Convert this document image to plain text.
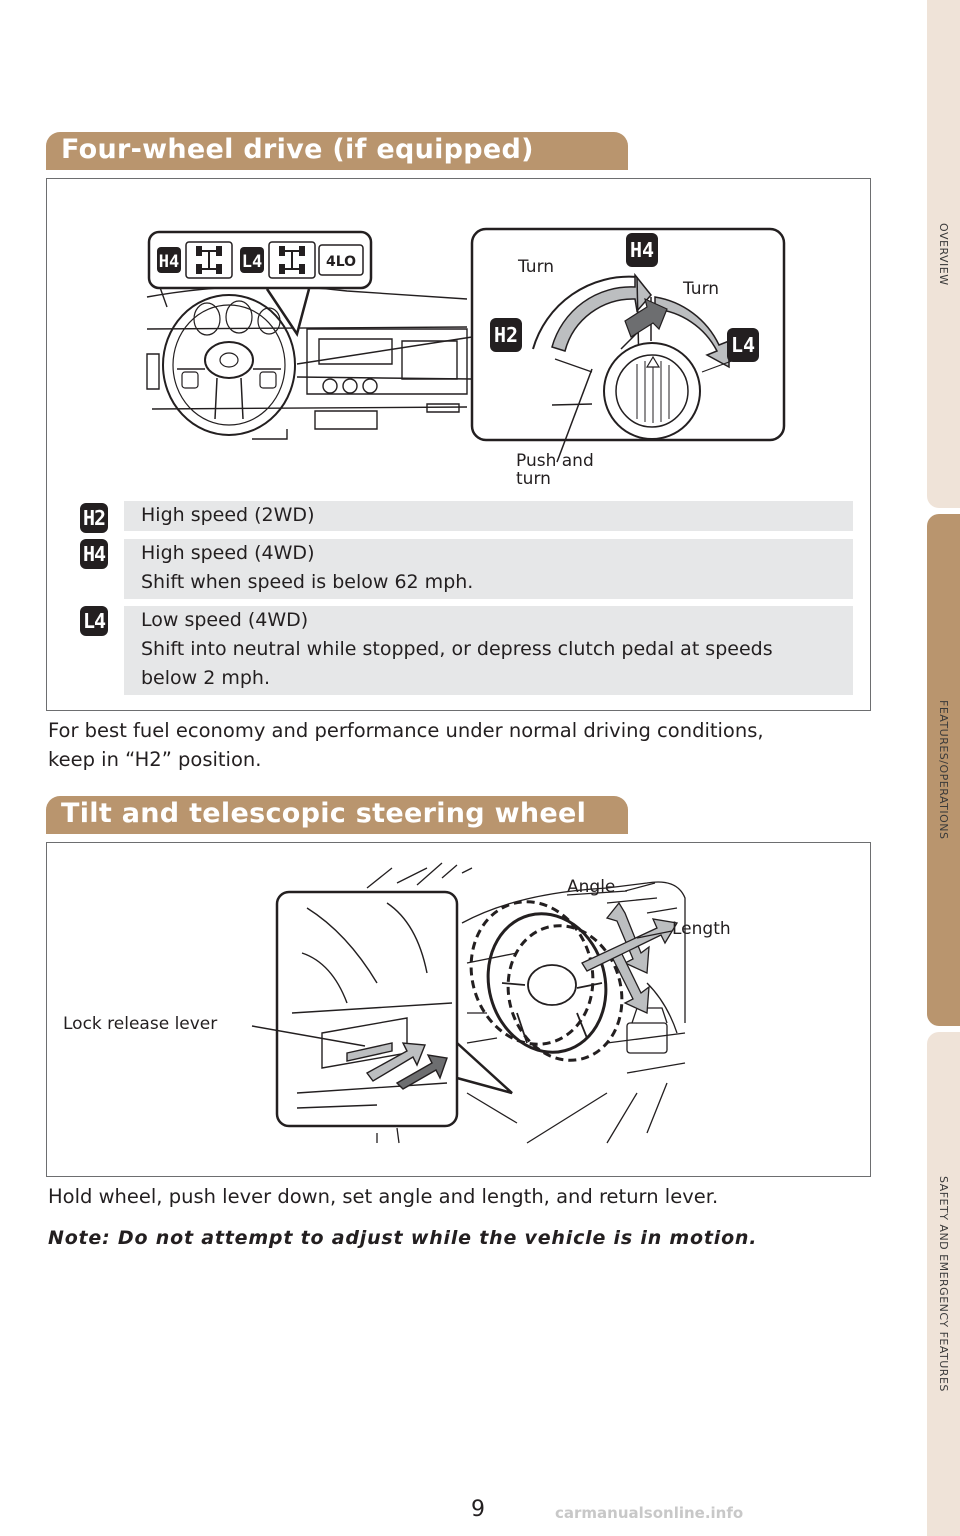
OVERVIEW
FEATURES/OPERATIONS
SAFETY AND EMERGENCY FEATURES
Four-wheel drive (if equipped)
H4	L4	4LO
H2
H4
L4
Turn
Turn
Push and
turn
H2 High speed (2WD)
H4 High speed (4WD)
Shift when speed is below 62 mph.
L4 Low speed (4WD)
Shift into neutral while stopped, or depress clutch pedal at speeds
below 2 mph.
For best fuel economy and performance under normal driving conditions,
keep in “H2” position.
Tilt and telescopic steering wheel
Angle
Length
Lock release lever
Hold wheel, push lever down, set angle and length, and return lever.
Note: Do not attempt to adjust while the vehicle is in motion.
9	carmanualsonline.info
